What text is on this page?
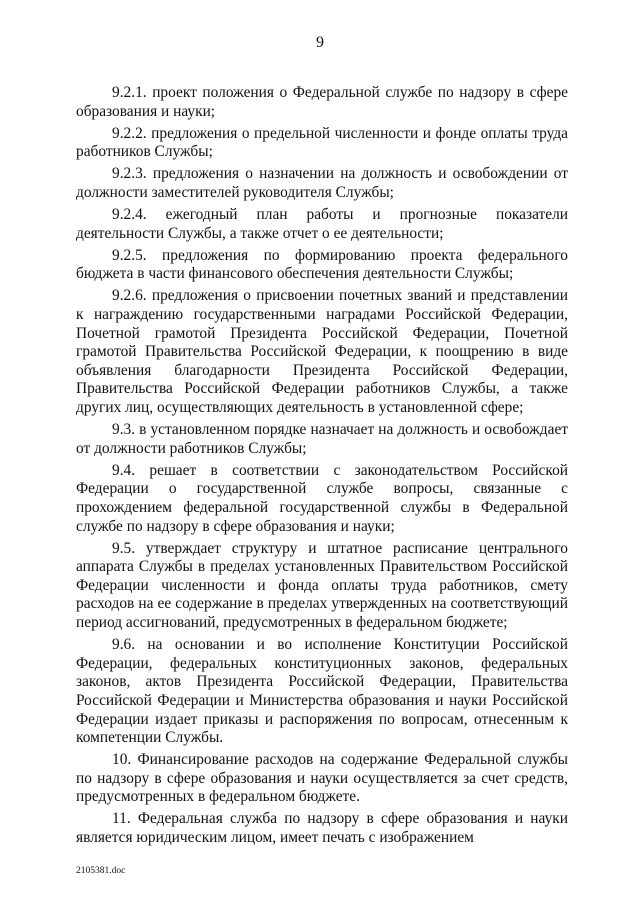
9

9.2.1. проект положения о Федеральной службе по надзору в сфере образования и науки;

9.2.2. предложения о предельной численности и фонде оплаты труда работников Службы;

9.2.3. предложения о назначении на должность и освобождении от должности заместителей руководителя Службы;

9.2.4. ежегодный план работы и прогнозные показатели деятельности Службы, а также отчет о ее деятельности;

9.2.5. предложения по формированию проекта федерального бюджета в части финансового обеспечения деятельности Службы;

9.2.6. предложения о присвоении почетных званий и представлении к награждению государственными наградами Российской Федерации, Почетной грамотой Президента Российской Федерации, Почетной грамотой Правительства Российской Федерации, к поощрению в виде объявления благодарности Президента Российской Федерации, Правительства Российской Федерации работников Службы, а также других лиц, осуществляющих деятельность в установленной сфере;

9.3. в установленном порядке назначает на должность и освобождает от должности работников Службы;

9.4. решает в соответствии с законодательством Российской Федерации о государственной службе вопросы, связанные с прохождением федеральной государственной службы в Федеральной службе по надзору в сфере образования и науки;

9.5. утверждает структуру и штатное расписание центрального аппарата Службы в пределах установленных Правительством Российской Федерации численности и фонда оплаты труда работников, смету расходов на ее содержание в пределах утвержденных на соответствующий период ассигнований, предусмотренных в федеральном бюджете;

9.6. на основании и во исполнение Конституции Российской Федерации, федеральных конституционных законов, федеральных законов, актов Президента Российской Федерации, Правительства Российской Федерации и Министерства образования и науки Российской Федерации издает приказы и распоряжения по вопросам, отнесенным к компетенции Службы.

10. Финансирование расходов на содержание Федеральной службы по надзору в сфере образования и науки осуществляется за счет средств, предусмотренных в федеральном бюджете.

11. Федеральная служба по надзору в сфере образования и науки является юридическим лицом, имеет печать с изображением

2105381.doc
